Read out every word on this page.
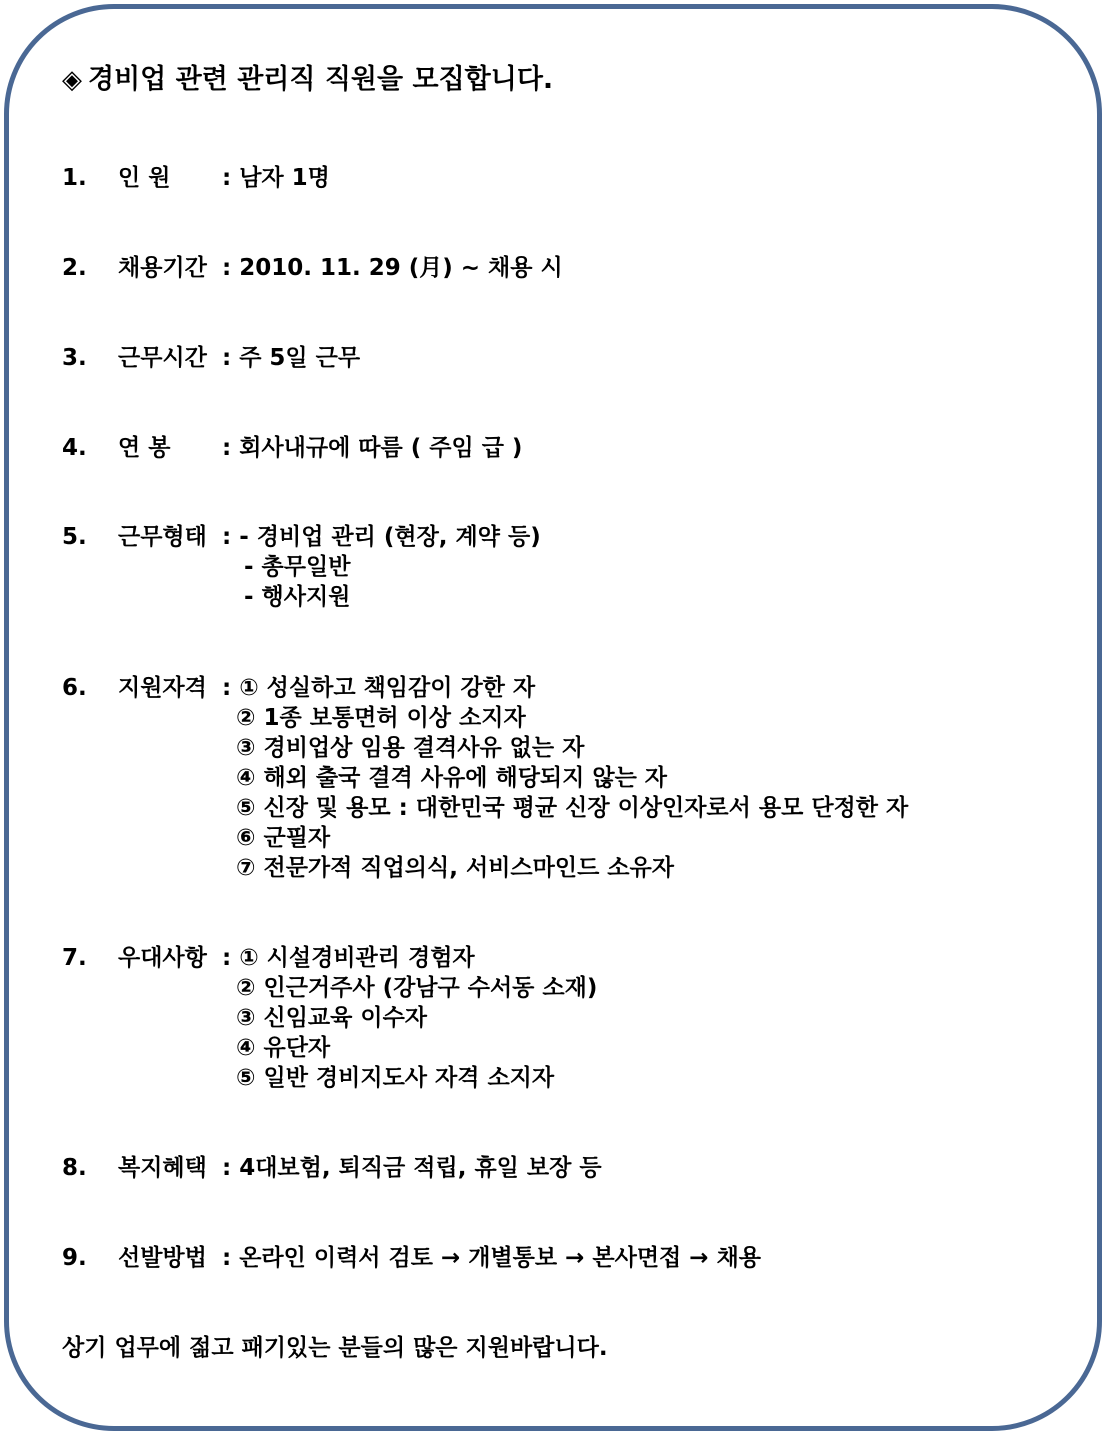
◈ 경비업 관련 관리직 직원을 모집합니다.
1.	인 원 : 남자 1명
2.	채용기간 : 2010. 11. 29 (月) ~ 채용 시
3.	근무시간 : 주 5일 근무
4.	연 봉 : 회사내규에 따름 ( 주임 급 )
5.	근무형태 : - 경비업 관리 (현장, 계약 등)
- 총무일반
- 행사지원
6.	지원자격 : ① 성실하고 책임감이 강한 자
② 1종 보통면허 이상 소지자
③ 경비업상 임용 결격사유 없는 자
④ 해외 출국 결격 사유에 해당되지 않는 자
⑤ 신장 및 용모 : 대한민국 평균 신장 이상인자로서 용모 단정한 자
⑥ 군필자
⑦ 전문가적 직업의식, 서비스마인드 소유자
7.	우대사항 : ① 시설경비관리 경험자
② 인근거주사 (강남구 수서동 소재)
③ 신임교육 이수자
④ 유단자
⑤ 일반 경비지도사 자격 소지자
8.	복지혜택 : 4대보험, 퇴직금 적립, 휴일 보장 등
9.	선발방법 : 온라인 이력서 검토 → 개별통보 → 본사면접 → 채용
상기 업무에 젊고 패기있는 분들의 많은 지원바랍니다.
